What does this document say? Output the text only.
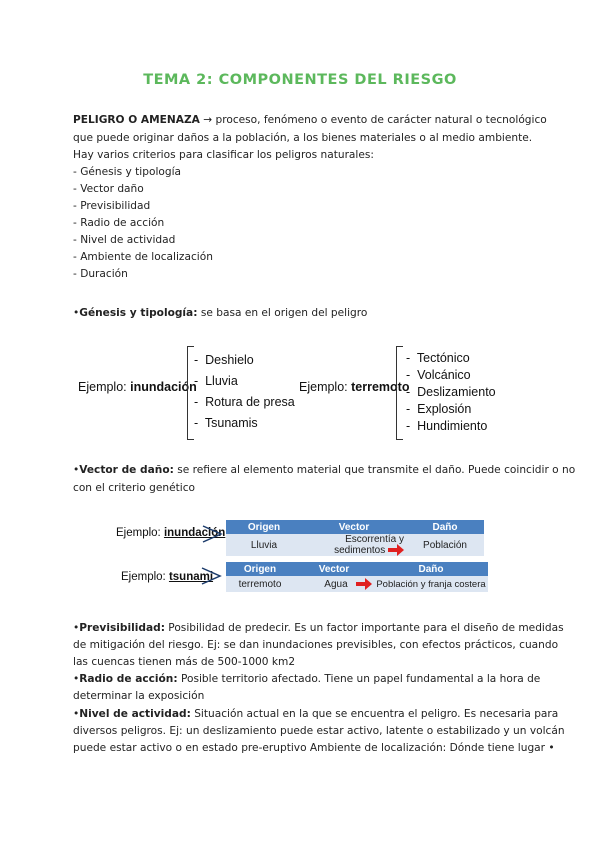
TEMA 2: COMPONENTES DEL RIESGO
PELIGRO O AMENAZA → proceso, fenómeno o evento de carácter natural o tecnológico
que puede originar daños a la población, a los bienes materiales o al medio ambiente.
Hay varios criterios para clasificar los peligros naturales:
- Génesis y tipología
- Vector daño
- Previsibilidad
- Radio de acción
- Nivel de actividad
- Ambiente de localización
- Duración
•Génesis y tipología: se basa en el origen del peligro
Ejemplo: inundación
-  Deshielo
-  Lluvia
-  Rotura de presa
-  Tsunamis
Ejemplo: terremoto
-  Tectónico
-  Volcánico
-  Deslizamiento
-  Explosión
-  Hundimiento
•Vector de daño: se refiere al elemento material que transmite el daño. Puede coincidir o no
con el criterio genético
Ejemplo: inundación Origen	Vector	Daño
Lluvia	Escorrentía y sedimentos	Población
Ejemplo: tsunami
Origen	Vector	Daño
terremoto	Agua	Población y franja costera
•Previsibilidad: Posibilidad de predecir. Es un factor importante para el diseño de medidas
de mitigación del riesgo. Ej: se dan inundaciones previsibles, con efectos prácticos, cuando
las cuencas tienen más de 500-1000 km2
•Radio de acción: Posible territorio afectado. Tiene un papel fundamental a la hora de
determinar la exposición
•Nivel de actividad: Situación actual en la que se encuentra el peligro. Es necesaria para
diversos peligros. Ej: un deslizamiento puede estar activo, latente o estabilizado y un volcán
puede estar activo o en estado pre-eruptivo Ambiente de localización: Dónde tiene lugar •
